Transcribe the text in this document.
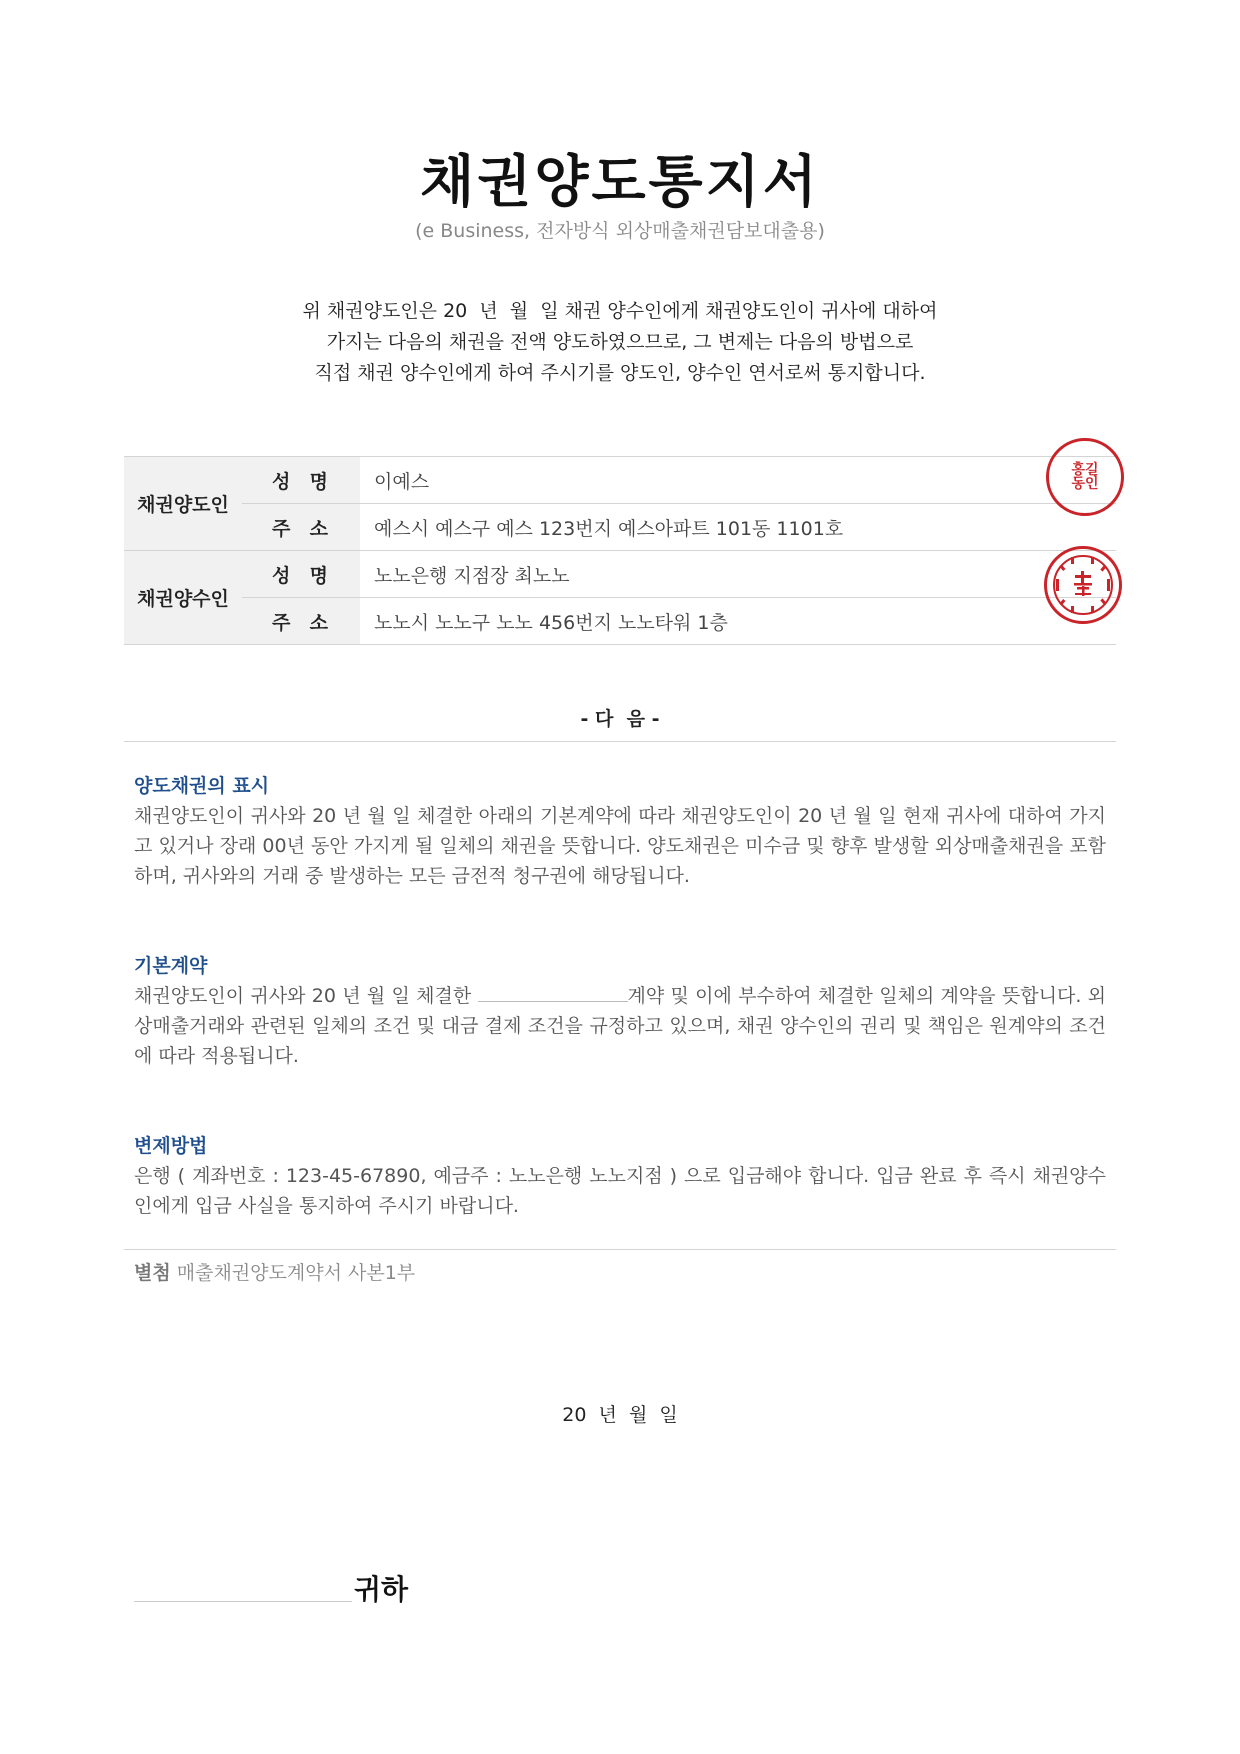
채권양도통지서
(e Business, 전자방식 외상매출채권담보대출용)
위 채권양도인은 20  년  월  일 채권 양수인에게 채권양도인이 귀사에 대하여
가지는 다음의 채권을 전액 양도하였으므로, 그 변제는 다음의 방법으로
직접 채권 양수인에게 하여 주시기를 양도인, 양수인 연서로써 통지합니다.
채권양도인	성  명	이예스
	주  소	예스시 예스구 예스 123번지 예스아파트 101동 1101호
채권양수인	성  명	노노은행 지점장 최노노
	주  소	노노시 노노구 노노 456번지 노노타워 1층
홍길동인
- 다  음 -
양도채권의 표시
채권양도인이 귀사와 20 년 월 일 체결한 아래의 기본계약에 따라 채권양도인이 20 년 월 일 현재 귀사에 대하여 가지고 있거나 장래 00년 동안 가지게 될 일체의 채권을 뜻합니다. 양도채권은 미수금 및 향후 발생할 외상매출채권을 포함하며, 귀사와의 거래 중 발생하는 모든 금전적 청구권에 해당됩니다.
기본계약
채권양도인이 귀사와 20 년 월 일 체결한	계약 및 이에 부수하여 체결한 일체의 계약을 뜻합니다. 외상매출거래와 관련된 일체의 조건 및 대금 결제 조건을 규정하고 있으며, 채권 양수인의 권리 및 책임은 원계약의 조건에 따라 적용됩니다.
변제방법
은행 ( 계좌번호 : 123-45-67890, 예금주 : 노노은행 노노지점 ) 으로 입금해야 합니다. 입금 완료 후 즉시 채권양수인에게 입금 사실을 통지하여 주시기 바랍니다.
별첨 매출채권양도계약서 사본1부
20  년  월  일
귀하
